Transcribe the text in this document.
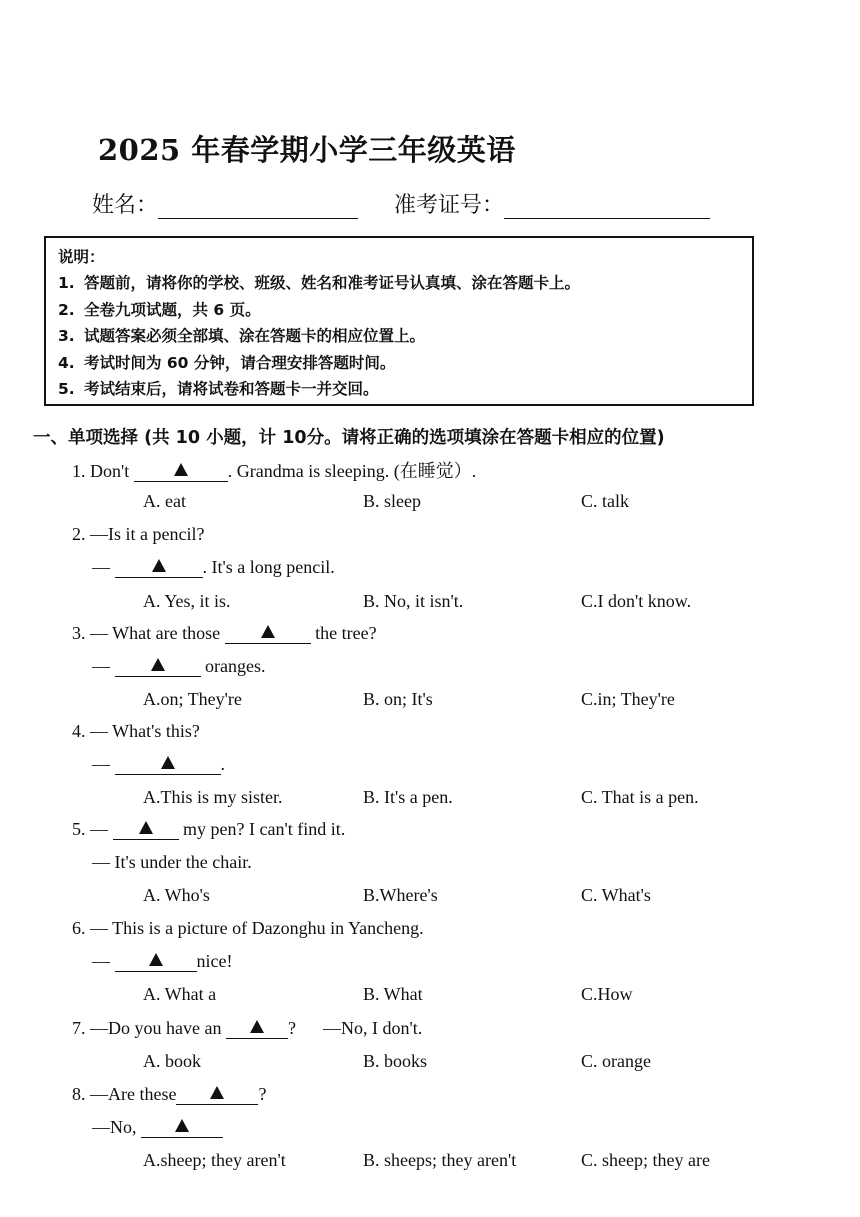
2025 年春学期小学三年级英语
姓名：	准考证号：
说明：
1. 答题前，请将你的学校、班级、姓名和准考证号认真填、涂在答题卡上。
2. 全卷九项试题，共 6 页。
3. 试题答案必须全部填、涂在答题卡的相应位置上。
4. 考试时间为 60 分钟，请合理安排答题时间。
5. 考试结束后，请将试卷和答题卡一并交回。
一、单项选择 (共 10 小题，计 10分。请将正确的选项填涂在答题卡相应的位置)
1. Don't	. Grandma is sleeping. (在睡觉）.
A. eat	B. sleep	C. talk
2. —Is it a pencil?
—	. It's a long pencil.
A. Yes, it is.	B. No, it isn't.	C.I don't know.
3. — What are those	the tree?
—	oranges.
A.on; They're	B. on; It's	C.in; They're
4. — What's this?
—	.
A.This is my sister.	B. It's a pen.	C. That is a pen.
5. —	my pen? I can't find it.
— It's under the chair.
A. Who's	B.Where's	C. What's
6. — This is a picture of Dazonghu in Yancheng.
—	nice!
A. What a	B. What	C.How
7. —Do you have an	? —No, I don't.
A. book	B. books	C. orange
8. —Are these	?
—No,
A.sheep; they aren't	B. sheeps; they aren't	C. sheep; they are
